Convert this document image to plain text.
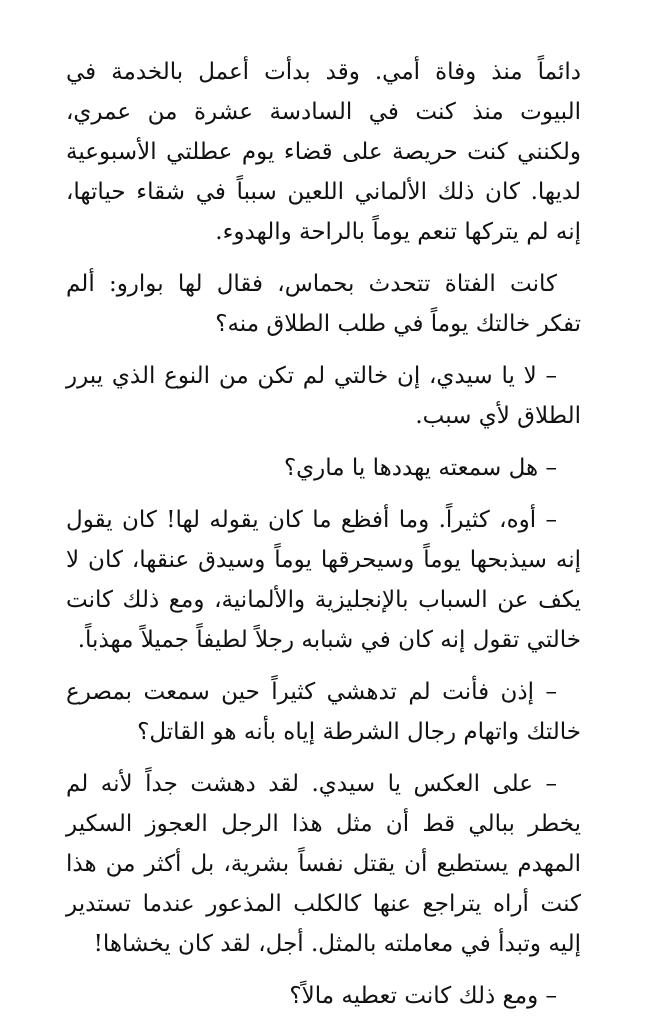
دائماً منذ وفاة أمي. وقد بدأت أعمل بالخدمة في البيوت منذ كنت في السادسة عشرة من عمري، ولكنني كنت حريصة على قضاء يوم عطلتي الأسبوعية لديها. كان ذلك الألماني اللعين سبباً في شقاء حياتها، إنه لم يتركها تنعم يوماً بالراحة والهدوء.

كانت الفتاة تتحدث بحماس، فقال لها بوارو: ألم تفكر خالتك يوماً في طلب الطلاق منه؟

– لا يا سيدي، إن خالتي لم تكن من النوع الذي يبرر الطلاق لأي سبب.

– هل سمعته يهددها يا ماري؟

– أوه، كثيراً. وما أفظع ما كان يقوله لها! كان يقول إنه سيذبحها يوماً وسيحرقها يوماً وسيدق عنقها، كان لا يكف عن السباب بالإنجليزية والألمانية، ومع ذلك كانت خالتي تقول إنه كان في شبابه رجلاً لطيفاً جميلاً مهذباً.

– إذن فأنت لم تدهشي كثيراً حين سمعت بمصرع خالتك واتهام رجال الشرطة إياه بأنه هو القاتل؟

– على العكس يا سيدي. لقد دهشت جداً لأنه لم يخطر ببالي قط أن مثل هذا الرجل العجوز السكير المهدم يستطيع أن يقتل نفساً بشرية، بل أكثر من هذا كنت أراه يتراجع عنها كالكلب المذعور عندما تستدير إليه وتبدأ في معاملته بالمثل. أجل، لقد كان يخشاها!

– ومع ذلك كانت تعطيه مالاً؟
